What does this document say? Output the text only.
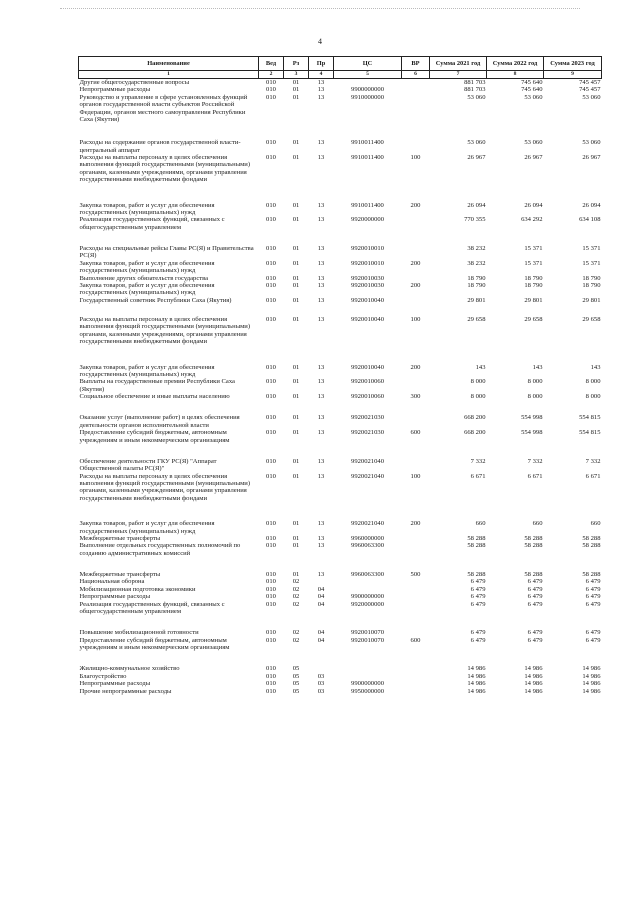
4
Наименование	Вед	Рз	Пр	ЦС	ВР	Сумма 2021 год	Сумма 2022 год	Сумма 2023 год
1	2	3	4	5	6	7	8	9
Другие общегосударственные вопросы	010	01	13			881 703	745 640	745 457
Непрограммные расходы	010	01	13	9900000000		881 703	745 640	745 457
Руководство и управление в сфере установленных функций органов государственной власти субъектов Российской Федерации, органов местного самоуправления Республики Саха (Якутия)	010	01	13	9910000000		53 060	53 060	53 060

Расходы на содержание органов государственной власти- центральный аппарат	010	01	13	9910011400		53 060	53 060	53 060
Расходы на выплаты персоналу в целях обеспечения выполнения функций государственными (муниципальными) органами, казенными учреждениями, органами управления государственными внебюджетными фондами	010	01	13	9910011400	100	26 967	26 967	26 967

Закупка товаров, работ и услуг для обеспечения государственных (муниципальных) нужд	010	01	13	9910011400	200	26 094	26 094	26 094
Реализация государственных функций, связанных с общегосударственным управлением	010	01	13	9920000000		770 355	634 292	634 108

Расходы на специальные рейсы Главы РС(Я) и Правительства РС(Я)	010	01	13	9920010010		38 232	15 371	15 371
Закупка товаров, работ и услуг для обеспечения государственных (муниципальных) нужд	010	01	13	9920010010	200	38 232	15 371	15 371
Выполнение других обязательств государства	010	01	13	9920010030		18 790	18 790	18 790
Закупка товаров, работ и услуг для обеспечения государственных (муниципальных) нужд	010	01	13	9920010030	200	18 790	18 790	18 790
Государственный советник Республики Саха (Якутия)	010	01	13	9920010040		29 801	29 801	29 801

Расходы на выплаты персоналу в целях обеспечения выполнения функций государственными (муниципальными) органами, казенными учреждениями, органами управления государственными внебюджетными фондами	010	01	13	9920010040	100	29 658	29 658	29 658

Закупка товаров, работ и услуг для обеспечения государственных (муниципальных) нужд	010	01	13	9920010040	200	143	143	143
Выплаты на государственные премии Республики Саха (Якутия)	010	01	13	9920010060		8 000	8 000	8 000
Социальное обеспечение и иные выплаты населению	010	01	13	9920010060	300	8 000	8 000	8 000

Оказание услуг (выполнение работ) в целях обеспечения деятельности органов исполнительной власти	010	01	13	9920021030		668 200	554 998	554 815
Предоставление субсидий бюджетным, автономным учреждениям и иным некоммерческим организациям	010	01	13	9920021030	600	668 200	554 998	554 815

Обеспечение деятельности ГКУ РС(Я) "Аппарат Общественной палаты РС(Я)"	010	01	13	9920021040		7 332	7 332	7 332
Расходы на выплаты персоналу в целях обеспечения выполнения функций государственными (муниципальными) органами, казенными учреждениями, органами управления государственными внебюджетными фондами	010	01	13	9920021040	100	6 671	6 671	6 671

Закупка товаров, работ и услуг для обеспечения государственных (муниципальных) нужд	010	01	13	9920021040	200	660	660	660
Межбюджетные трансферты	010	01	13	9960000000		58 288	58 288	58 288
Выполнение отдельных государственных полномочий по созданию административных комиссий	010	01	13	9960063300		58 288	58 288	58 288

Межбюджетные трансферты	010	01	13	9960063300	500	58 288	58 288	58 288
Национальная оборона	010	02				6 479	6 479	6 479
Мобилизационная подготовка экономики	010	02	04			6 479	6 479	6 479
Непрограммные расходы	010	02	04	9900000000		6 479	6 479	6 479
Реализация государственных функций, связанных с общегосударственным управлением	010	02	04	9920000000		6 479	6 479	6 479

Повышение мобилизационной готовности	010	02	04	9920010070		6 479	6 479	6 479
Предоставление субсидий бюджетным, автономным учреждениям и иным некоммерческим организациям	010	02	04	9920010070	600	6 479	6 479	6 479

Жилищно-коммунальное хозяйство	010	05				14 986	14 986	14 986
Благоустройство	010	05	03			14 986	14 986	14 986
Непрограммные расходы	010	05	03	9900000000		14 986	14 986	14 986
Прочие непрограммные расходы	010	05	03	9950000000		14 986	14 986	14 986
